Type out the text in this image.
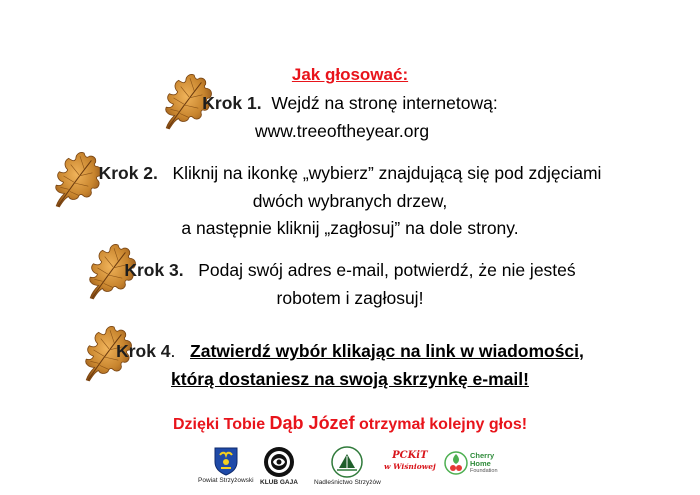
Jak głosować:
Krok 1. Wejdź na stronę internetową:
www.treeoftheyear.org
Krok 2. Kliknij na ikonkę „wybierz” znajdującą się pod zdjęciami
dwóch wybranych drzew,
a następnie kliknij „zagłosuj” na dole strony.
Krok 3. Podaj swój adres e-mail, potwierdź, że nie jesteś
robotem i zagłosuj!
Krok 4. Zatwierdź wybór klikając na link w wiadomości,
którą dostaniesz na swoją skrzynkę e-mail!
Dzięki Tobie Dąb Józef otrzymał kolejny głos!
Powiat Strzyżowski KLUB GAJA Nadleśnictwo Strzyżów
PCKiT
w Wiśniowej
Cherry Home
Foundation
